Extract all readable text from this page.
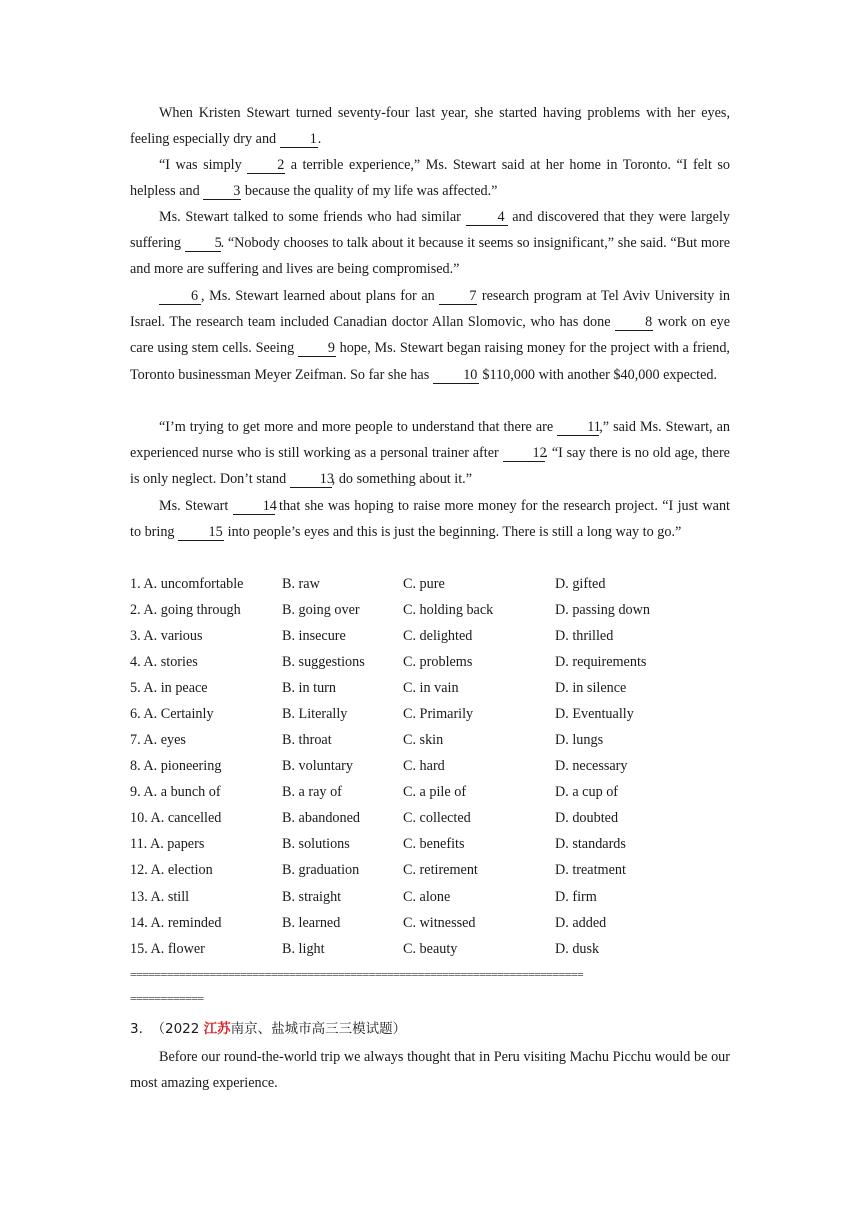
When Kristen Stewart turned seventy-four last year, she started having problems with her eyes, feeling especially dry and 1.

“I was simply 2 a terrible experience,” Ms. Stewart said at her home in Toronto. “I felt so helpless and 3 because the quality of my life was affected.”

Ms. Stewart talked to some friends who had similar 4 and discovered that they were largely suffering 5. “Nobody chooses to talk about it because it seems so insignificant,” she said. “But more and more are suffering and lives are being compromised.”

6 , Ms. Stewart learned about plans for an 7 research program at Tel Aviv University in Israel. The research team included Canadian doctor Allan Slomovic, who has done 8 work on eye care using stem cells. Seeing 9 hope, Ms. Stewart began raising money for the project with a friend, Toronto businessman Meyer Zeifman. So far she has 10 $110,000 with another $40,000 expected.

“I’m trying to get more and more people to understand that there are 11,” said Ms. Stewart, an experienced nurse who is still working as a personal trainer after 12. “I say there is no old age, there is only neglect. Don’t stand 13, do something about it.”

Ms. Stewart 14 that she was hoping to raise more money for the research project. “I just want to bring 15 into people’s eyes and this is just the beginning. There is still a long way to go.”

1. A. uncomfortable	B. raw	C. pure	D. gifted
2. A. going through	B. going over	C. holding back	D. passing down
3. A. various	B. insecure	C. delighted	D. thrilled
4. A. stories	B. suggestions	C. problems	D. requirements
5. A. in peace	B. in turn	C. in vain	D. in silence
6. A. Certainly	B. Literally	C. Primarily	D. Eventually
7. A. eyes	B. throat	C. skin	D. lungs
8. A. pioneering	B. voluntary	C. hard	D. necessary
9. A. a bunch of	B. a ray of	C. a pile of	D. a cup of
10. A. cancelled	B. abandoned	C. collected	D. doubted
11. A. papers	B. solutions	C. benefits	D. standards
12. A. election	B. graduation	C. retirement	D. treatment
13. A. still	B. straight	C. alone	D. firm
14. A. reminded	B. learned	C. witnessed	D. added
15. A. flower	B. light	C. beauty	D. dusk
==========================================================================
============
3. （2022 江苏南京、盐城市高三三模试题）

Before our round-the-world trip we always thought that in Peru visiting Machu Picchu would be our most amazing experience.
